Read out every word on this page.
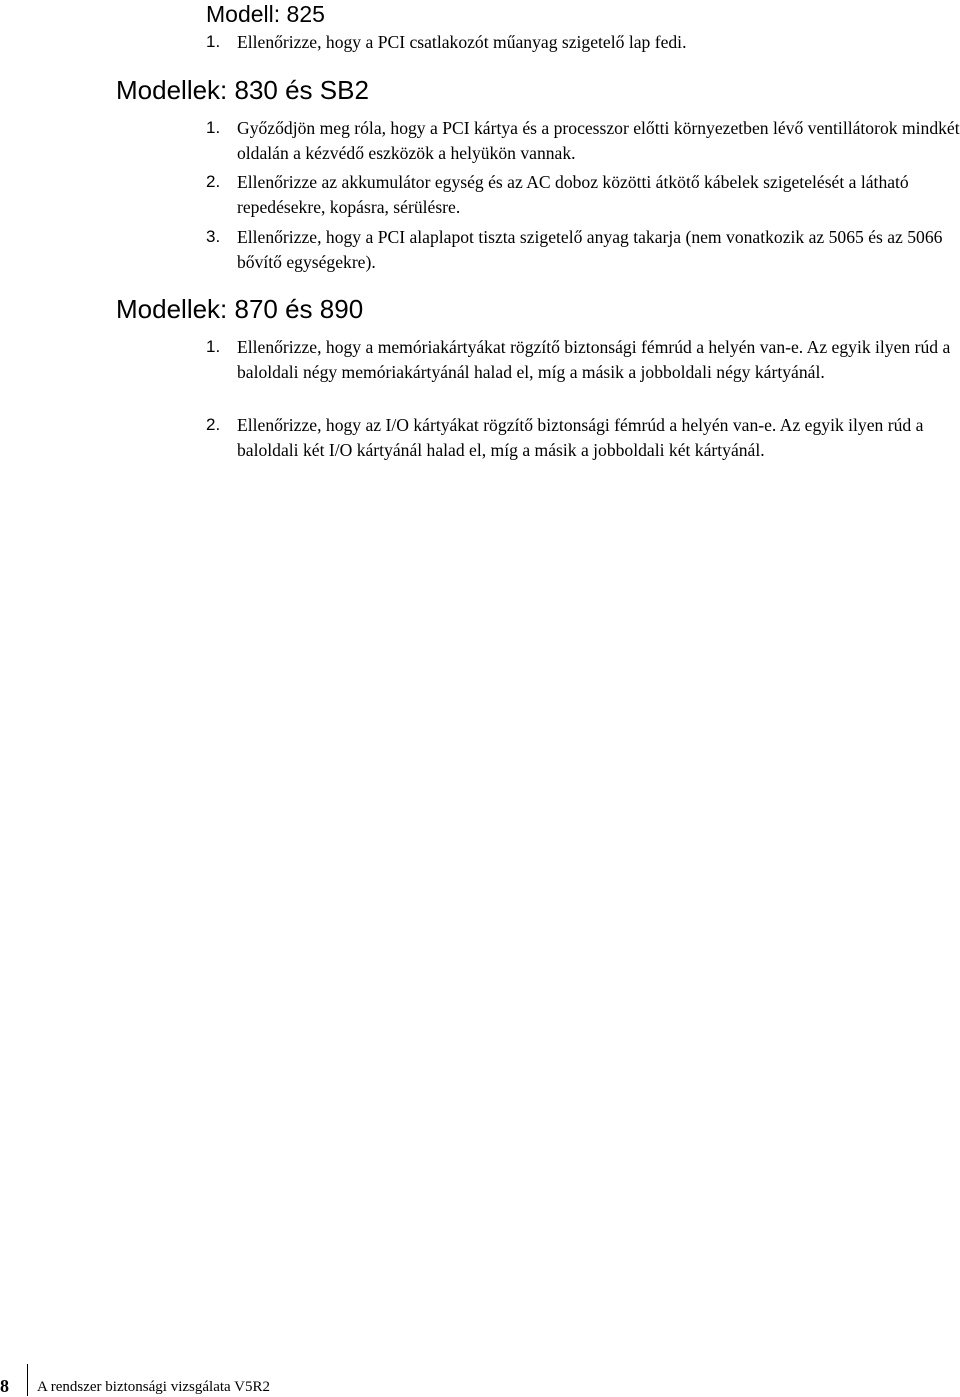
Modell: 825
1. Ellenőrizze, hogy a PCI csatlakozót műanyag szigetelő lap fedi.
Modellek: 830 és SB2
1. Győződjön meg róla, hogy a PCI kártya és a processzor előtti környezetben lévő ventillátorok mindkét oldalán a kézvédő eszközök a helyükön vannak.
2. Ellenőrizze az akkumulátor egység és az AC doboz közötti átkötő kábelek szigetelését a látható repedésekre, kopásra, sérülésre.
3. Ellenőrizze, hogy a PCI alaplapot tiszta szigetelő anyag takarja (nem vonatkozik az 5065 és az 5066 bővítő egységekre).
Modellek: 870 és 890
1. Ellenőrizze, hogy a memóriakártyákat rögzítő biztonsági fémrúd a helyén van-e. Az egyik ilyen rúd a baloldali négy memóriakártyánál halad el, míg a másik a jobboldali négy kártyánál.
2. Ellenőrizze, hogy az I/O kártyákat rögzítő biztonsági fémrúd a helyén van-e. Az egyik ilyen rúd a baloldali két I/O kártyánál halad el, míg a másik a jobboldali két kártyánál.
8 A rendszer biztonsági vizsgálata V5R2
